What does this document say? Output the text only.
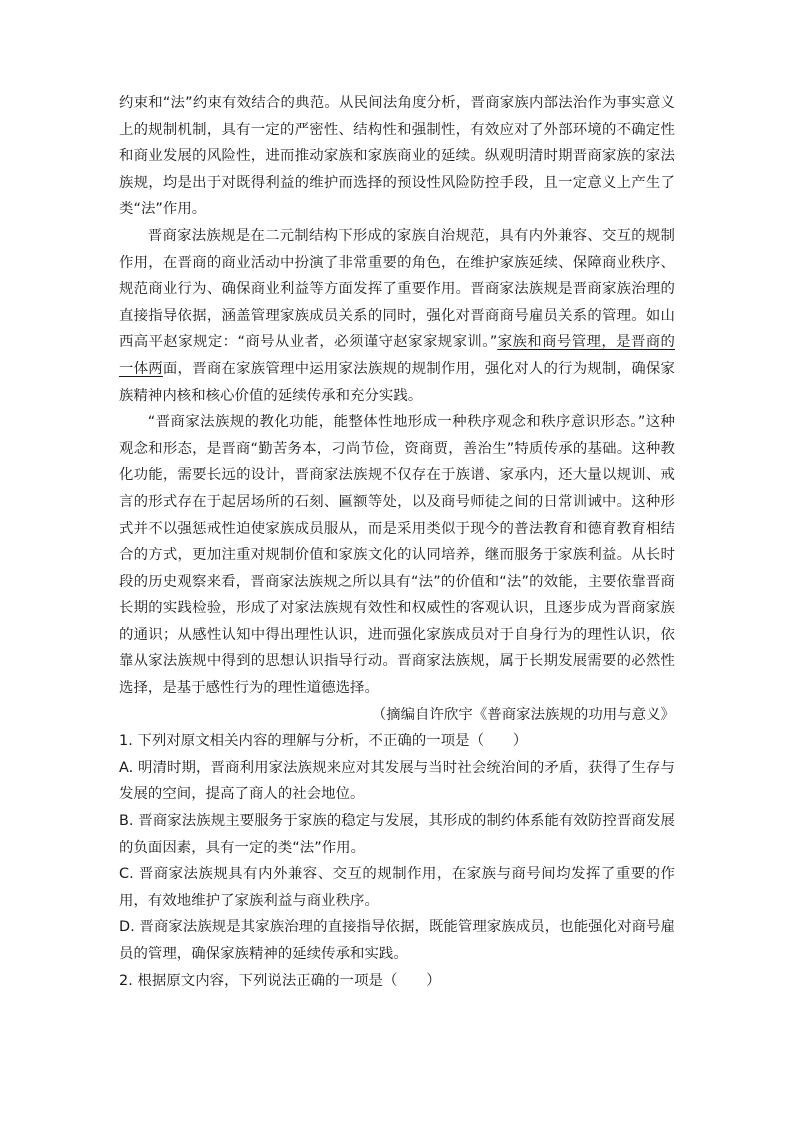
约束和“法”约束有效结合的典范。从民间法角度分析，晋商家族内部法治作为事实意义上的规制机制，具有一定的严密性、结构性和强制性，有效应对了外部环境的不确定性和商业发展的风险性，进而推动家族和家族商业的延续。纵观明清时期晋商家族的家法族规，均是出于对既得利益的维护而选择的预设性风险防控手段，且一定意义上产生了类“法”作用。

晋商家法族规是在二元制结构下形成的家族自治规范，具有内外兼容、交互的规制作用，在晋商的商业活动中扮演了非常重要的角色，在维护家族延续、保障商业秩序、规范商业行为、确保商业利益等方面发挥了重要作用。晋商家法族规是晋商家族治理的直接指导依据，涵盖管理家族成员关系的同时，强化对晋商商号雇员关系的管理。如山西高平赵家规定：“商号从业者，必须谨守赵家家规家训。”家族和商号管理，是晋商的一体两面，晋商在家族管理中运用家法族规的规制作用，强化对人的行为规制，确保家族精神内核和核心价值的延续传承和充分实践。

“晋商家法族规的教化功能，能整体性地形成一种秩序观念和秩序意识形态。”这种观念和形态，是晋商“勤苦务本，刁尚节俭，资商贾，善治生”特质传承的基础。这种教化功能，需要长远的设计，晋商家法族规不仅存在于族谱、家承内，还大量以规训、戒言的形式存在于起居场所的石刻、匾额等处，以及商号师徒之间的日常训诫中。这种形式并不以强惩戒性迫使家族成员服从，而是采用类似于现今的普法教育和德育教育相结合的方式，更加注重对规制价值和家族文化的认同培养，继而服务于家族利益。从长时段的历史观察来看，晋商家法族规之所以具有“法”的价值和“法”的效能，主要依靠晋商长期的实践检验，形成了对家法族规有效性和权威性的客观认识，且逐步成为晋商家族的通识；从感性认知中得出理性认识，进而强化家族成员对于自身行为的理性认识，依靠从家法族规中得到的思想认识指导行动。晋商家法族规，属于长期发展需要的必然性选择，是基于感性行为的理性道德选择。

（摘编自许欣宇《普商家法族规的功用与意义》

1. 下列对原文相关内容的理解与分析，不正确的一项是（　　）

A. 明清时期，晋商利用家法族规来应对其发展与当时社会统治间的矛盾，获得了生存与发展的空间，提高了商人的社会地位。

B. 晋商家法族规主要服务于家族的稳定与发展，其形成的制约体系能有效防控晋商发展的负面因素，具有一定的类“法”作用。

C. 晋商家法族规具有内外兼容、交互的规制作用，在家族与商号间均发挥了重要的作用，有效地维护了家族利益与商业秩序。

D. 晋商家法族规是其家族治理的直接指导依据，既能管理家族成员，也能强化对商号雇员的管理，确保家族精神的延续传承和实践。

2. 根据原文内容，下列说法正确的一项是（　　）
